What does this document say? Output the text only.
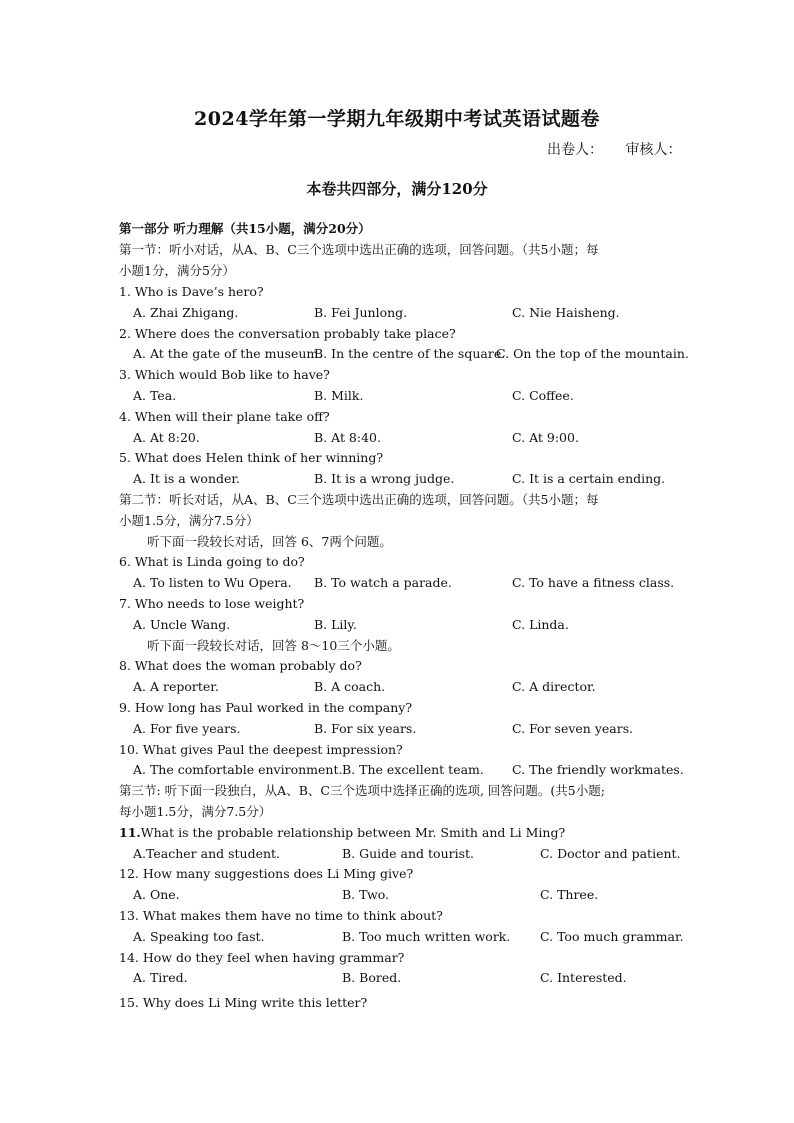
2024学年第一学期九年级期中考试英语试题卷
出卷人： 审核人：
本卷共四部分，满分120分
第一部分 听力理解（共15小题，满分20分）
第一节：听小对话，从A、B、C三个选项中选出正确的选项，回答问题。（共5小题；每
小题1分，满分5分）
1. Who is Dave’s hero?
A. Zhai Zhigang.	B. Fei Junlong.	C. Nie Haisheng.
2. Where does the conversation probably take place?
A. At the gate of the museum.
B. In the centre of the square.
C. On the top of the mountain.
3. Which would Bob like to have?
A. Tea.	B. Milk.	C. Coffee.
4. When will their plane take off?
A. At 8:20.	B. At 8:40.	C. At 9:00.
5. What does Helen think of her winning?
A. It is a wonder.	B. It is a wrong judge.	C. It is a certain ending.
第二节：听长对话，从A、B、C三个选项中选出正确的选项，回答问题。（共5小题；每
小题1.5分，满分7.5分）
听下面一段较长对话，回答 6、7两个问题。
6. What is Linda going to do?
A. To listen to Wu Opera. B. To watch a parade.	C. To have a fitness class.
7. Who needs to lose weight?
A. Uncle Wang.	B. Lily.	C. Linda.
听下面一段较长对话，回答 8～10三个小题。
8. What does the woman probably do?
A. A reporter.	B. A coach.	C. A director.
9. How long has Paul worked in the company?
A. For five years.	B. For six years.	C. For seven years.
10. What gives Paul the deepest impression?
A. The comfortable environment. B. The excellent team. C. The friendly workmates.
第三节: 听下面一段独白，从A、B、C三个选项中选择正确的选项, 回答问题。(共5小题;
每小题1.5分，满分7.5分）
11.What is the probable relationship between Mr. Smith and Li Ming?
A.Teacher and student.	B. Guide and tourist.	C. Doctor and patient.
12. How many suggestions does Li Ming give?
A. One.	B. Two.	C. Three.
13. What makes them have no time to think about?
A. Speaking too fast.	B. Too much written work. C. Too much grammar.
14. How do they feel when having grammar?
A. Tired.	B. Bored.	C. Interested.
15. Why does Li Ming write this letter?
